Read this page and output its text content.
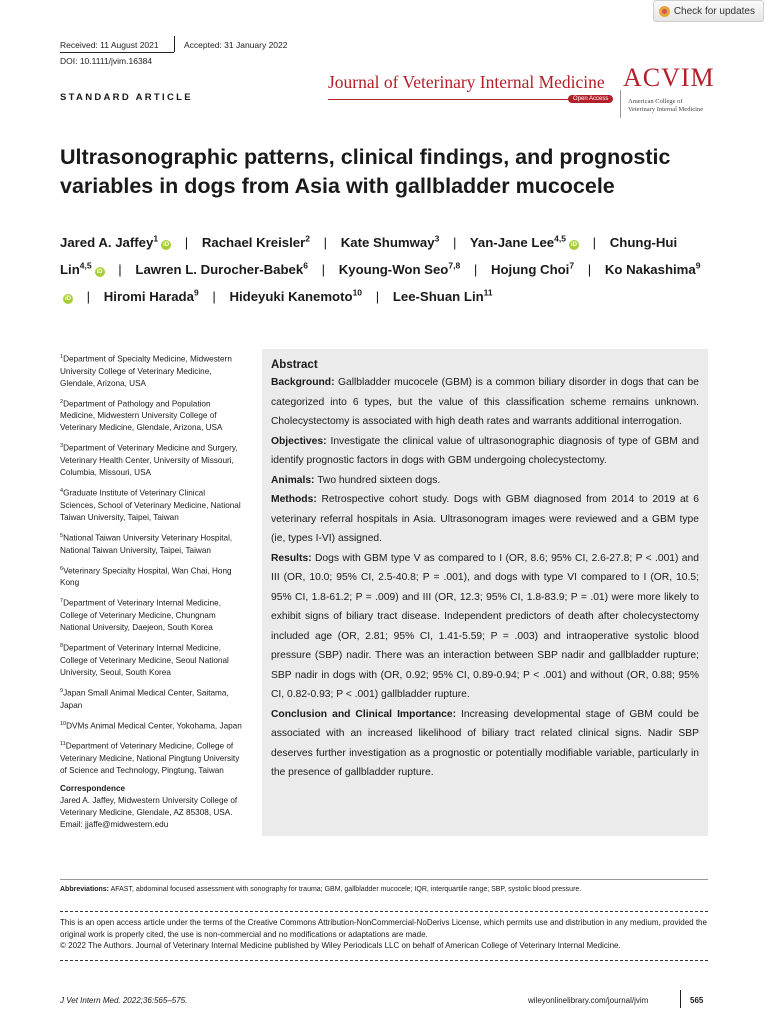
Check for updates
Received: 11 August 2021	Accepted: 31 January 2022
DOI: 10.1111/jvim.16384
STANDARD ARTICLE
Journal of Veterinary Internal Medicine
Open Access
ACVIM
American College of
Veterinary Internal Medicine
Ultrasonographic patterns, clinical findings, and prognostic
variables in dogs from Asia with gallbladder mucocele
Jared A. Jaffey$^1$iD | Rachael Kreisler$^2$ | Kate Shumway$^3$ | Yan-Jane Lee$^{4,5}$iD | Chung-Hui Lin$^{4,5}$iD | Lawren L. Durocher-Babek$^6$ | Kyoung-Won Seo$^{7,8}$ | Hojung Choi$^7$ | Ko Nakashima$^9$iD | Hiromi Harada$^9$ | Hideyuki Kanemoto$^{10}$ | Lee-Shuan Lin$^{11}$

$^1$Department of Specialty Medicine, Midwestern University College of Veterinary Medicine, Glendale, Arizona, USA

$^2$Department of Pathology and Population Medicine, Midwestern University College of Veterinary Medicine, Glendale, Arizona, USA

$^3$Department of Veterinary Medicine and Surgery, Veterinary Health Center, University of Missouri, Columbia, Missouri, USA

$^4$Graduate Institute of Veterinary Clinical Sciences, School of Veterinary Medicine, National Taiwan University, Taipei, Taiwan

$^5$National Taiwan University Veterinary Hospital, National Taiwan University, Taipei, Taiwan

$^6$Veterinary Specialty Hospital, Wan Chai, Hong Kong

$^7$Department of Veterinary Internal Medicine, College of Veterinary Medicine, Chungnam National University, Daejeon, South Korea

$^8$Department of Veterinary Internal Medicine, College of Veterinary Medicine, Seoul National University, Seoul, South Korea

$^9$Japan Small Animal Medical Center, Saitama, Japan

$^{10}$DVMs Animal Medical Center, Yokohama, Japan

$^{11}$Department of Veterinary Medicine, College of Veterinary Medicine, National Pingtung University of Science and Technology, Pingtung, Taiwan

Correspondence
Jared A. Jaffey, Midwestern University College of Veterinary Medicine, Glendale, AZ 85308, USA.
Email: jjaffe@midwestern.edu
Abstract

Background: Gallbladder mucocele (GBM) is a common biliary disorder in dogs that can be categorized into 6 types, but the value of this classification scheme remains unknown. Cholecystectomy is associated with high death rates and warrants additional interrogation.

Objectives: Investigate the clinical value of ultrasonographic diagnosis of type of GBM and identify prognostic factors in dogs with GBM undergoing cholecystectomy.

Animals: Two hundred sixteen dogs.

Methods: Retrospective cohort study. Dogs with GBM diagnosed from 2014 to 2019 at 6 veterinary referral hospitals in Asia. Ultrasonogram images were reviewed and a GBM type (ie, types I-VI) assigned.

Results: Dogs with GBM type V as compared to I (OR, 8.6; 95% CI, 2.6-27.8; P < .001) and III (OR, 10.0; 95% CI, 2.5-40.8; P = .001), and dogs with type VI compared to I (OR, 10.5; 95% CI, 1.8-61.2; P = .009) and III (OR, 12.3; 95% CI, 1.8-83.9; P = .01) were more likely to exhibit signs of biliary tract disease. Independent predictors of death after cholecystectomy included age (OR, 2.81; 95% CI, 1.41-5.59; P = .003) and intraoperative systolic blood pressure (SBP) nadir. There was an interaction between SBP nadir and gallbladder rupture; SBP nadir in dogs with (OR, 0.92; 95% CI, 0.89-0.94; P < .001) and without (OR, 0.88; 95% CI, 0.82-0.93; P < .001) gallbladder rupture.

Conclusion and Clinical Importance: Increasing developmental stage of GBM could be associated with an increased likelihood of biliary tract related clinical signs. Nadir SBP deserves further investigation as a prognostic or potentially modifiable variable, particularly in the presence of gallbladder rupture.

Abbreviations: AFAST, abdominal focused assessment with sonography for trauma; GBM, gallbladder mucocele; IQR, interquartile range; SBP, systolic blood pressure.
This is an open access article under the terms of the Creative Commons Attribution-NonCommercial-NoDerivs License, which permits use and distribution in any medium, provided the original work is properly cited, the use is non-commercial and no modifications or adaptations are made.
© 2022 The Authors. Journal of Veterinary Internal Medicine published by Wiley Periodicals LLC on behalf of American College of Veterinary Internal Medicine.
J Vet Intern Med. 2022;36:565–575.	wileyonlinelibrary.com/journal/jvim	565
